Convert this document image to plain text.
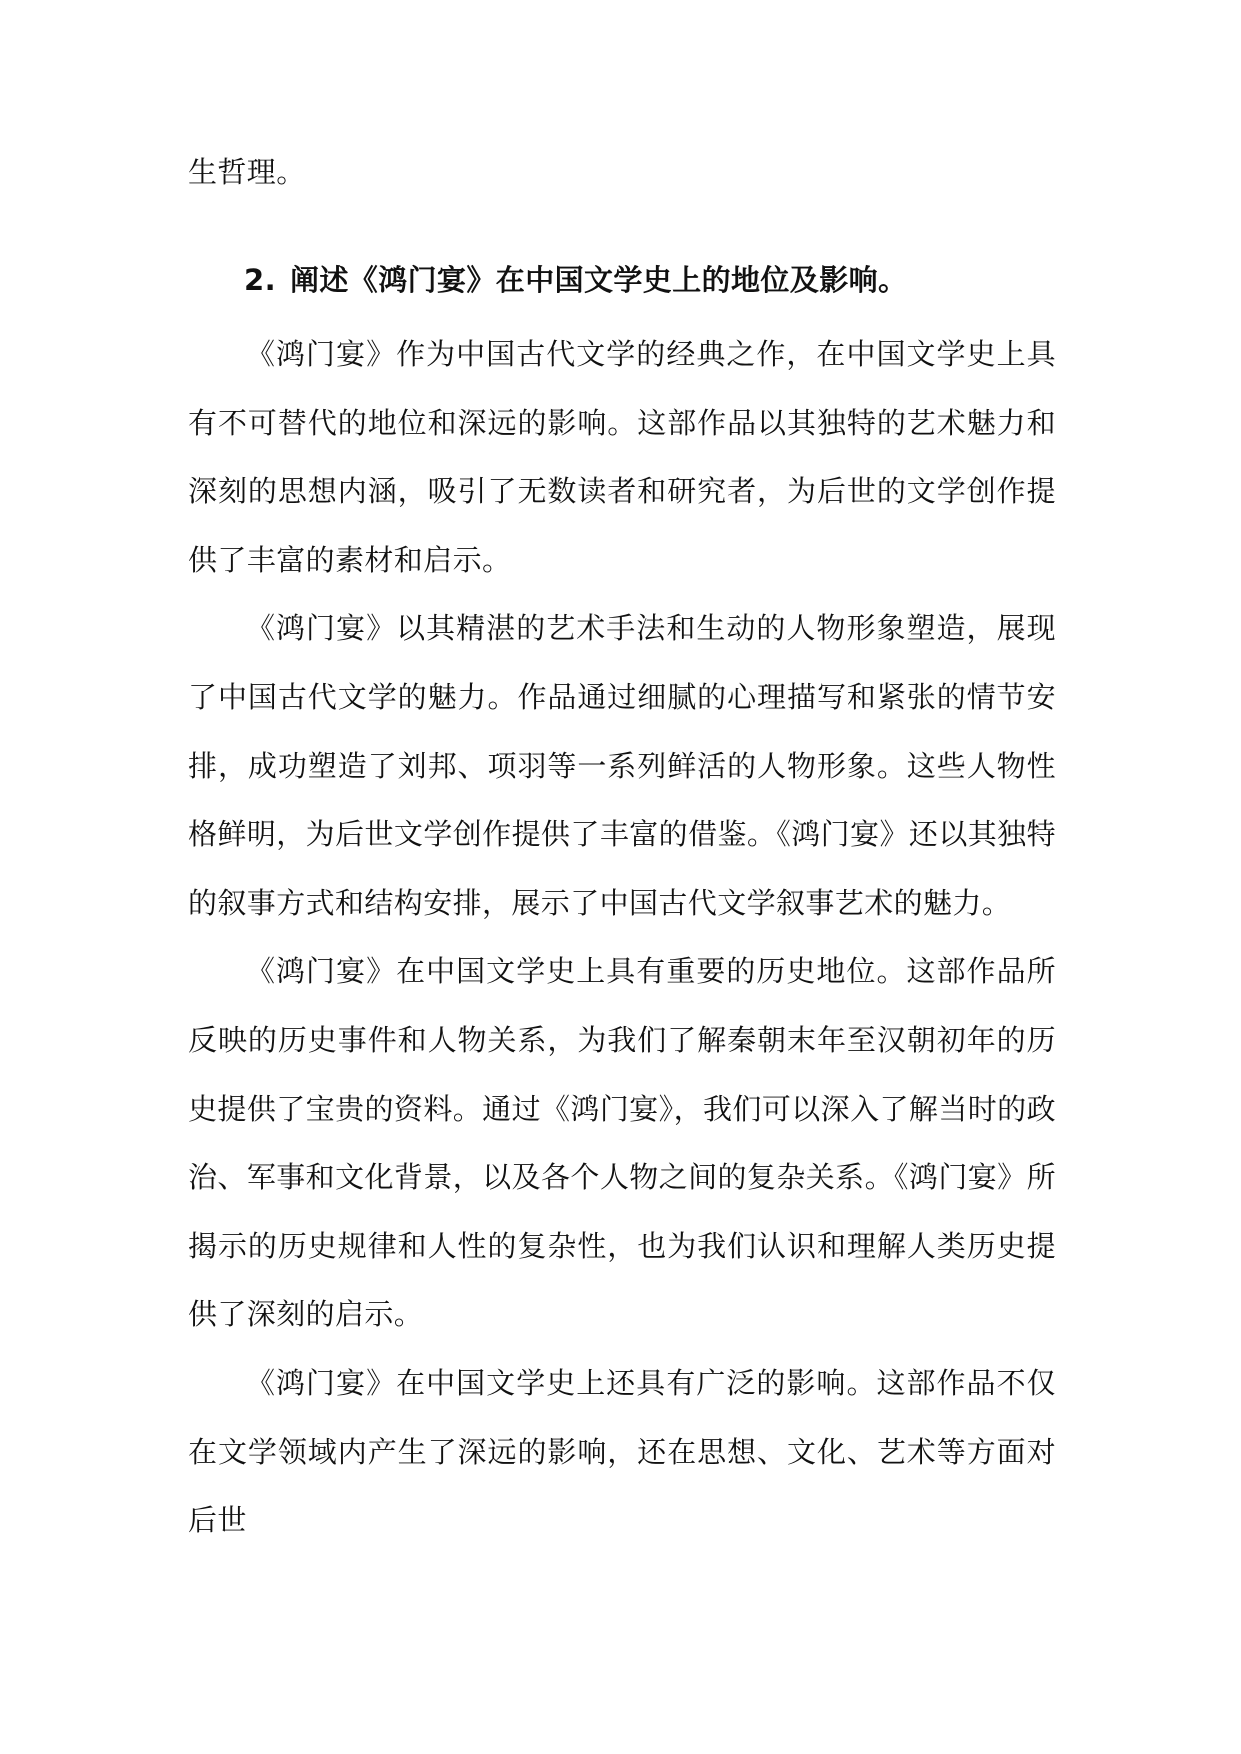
生哲理。

2. 阐述《鸿门宴》在中国文学史上的地位及影响。

《鸿门宴》作为中国古代文学的经典之作，在中国文学史上具有不可替代的地位和深远的影响。这部作品以其独特的艺术魅力和深刻的思想内涵，吸引了无数读者和研究者，为后世的文学创作提供了丰富的素材和启示。

《鸿门宴》以其精湛的艺术手法和生动的人物形象塑造，展现了中国古代文学的魅力。作品通过细腻的心理描写和紧张的情节安排，成功塑造了刘邦、项羽等一系列鲜活的人物形象。这些人物性格鲜明，为后世文学创作提供了丰富的借鉴。《鸿门宴》还以其独特的叙事方式和结构安排，展示了中国古代文学叙事艺术的魅力。

《鸿门宴》在中国文学史上具有重要的历史地位。这部作品所反映的历史事件和人物关系，为我们了解秦朝末年至汉朝初年的历史提供了宝贵的资料。通过《鸿门宴》，我们可以深入了解当时的政治、军事和文化背景，以及各个人物之间的复杂关系。《鸿门宴》所揭示的历史规律和人性的复杂性，也为我们认识和理解人类历史提供了深刻的启示。

《鸿门宴》在中国文学史上还具有广泛的影响。这部作品不仅在文学领域内产生了深远的影响，还在思想、文化、艺术等方面对后世
